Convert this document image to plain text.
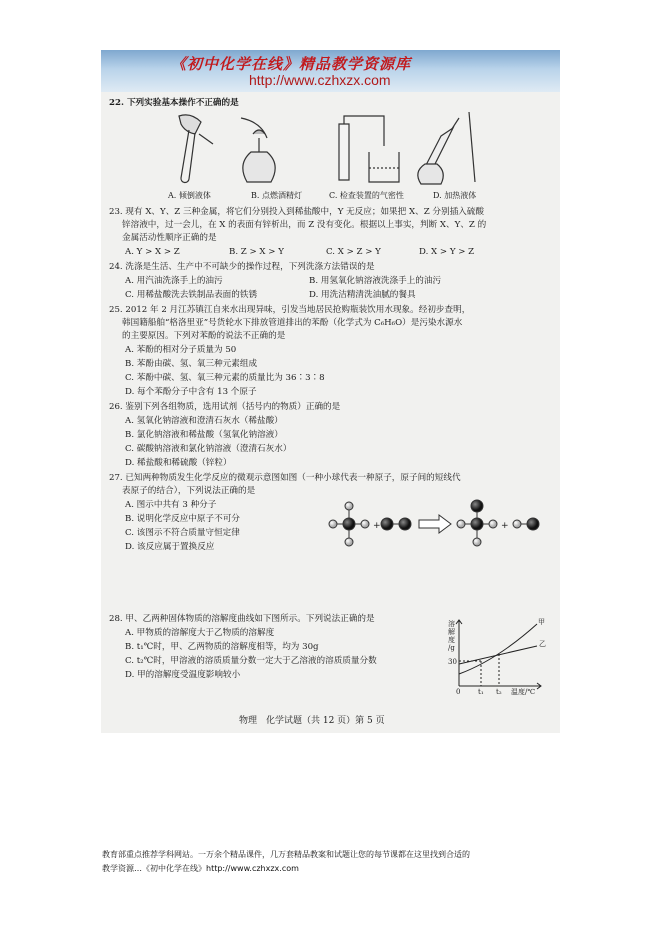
《初中化学在线》精品教学资源库
http://www.czhxzx.com
22. 下列实验基本操作不正确的是
A. 倾倒液体	B. 点燃酒精灯	C. 检查装置的气密性	D. 加热液体
23. 现有 X、Y、Z 三种金属，将它们分别投入到稀盐酸中，Y 无反应；如果把 X、Z 分别插入硫酸
锌溶液中，过一会儿，在 X 的表面有锌析出，而 Z 没有变化。根据以上事实，判断 X、Y、Z 的
金属活动性顺序正确的是
A. Y > X > Z	B. Z > X > Y	C. X > Z > Y	D. X > Y > Z
24. 洗涤是生活、生产中不可缺少的操作过程，下列洗涤方法错误的是
A. 用汽油洗涤手上的油污	B. 用氢氧化钠溶液洗涤手上的油污
C. 用稀盐酸洗去铁制品表面的铁锈	D. 用洗洁精清洗油腻的餐具
25. 2012 年 2 月江苏镇江自来水出现异味，引发当地居民抢购瓶装饮用水现象。经初步查明，
韩国籍船舶“格洛里亚”号货轮水下排放管道排出的苯酚（化学式为 C₆H₆O）是污染水源水
的主要原因。下列对苯酚的说法不正确的是
A. 苯酚的相对分子质量为 50
B. 苯酚由碳、氢、氧三种元素组成
C. 苯酚中碳、氢、氧三种元素的质量比为 36∶3∶8
D. 每个苯酚分子中含有 13 个原子
26. 鉴别下列各组物质，选用试剂（括号内的物质）正确的是
A. 氢氧化钠溶液和澄清石灰水（稀盐酸）
B. 氯化钠溶液和稀盐酸（氢氧化钠溶液）
C. 碳酸钠溶液和氯化钠溶液（澄清石灰水）
D. 稀盐酸和稀硫酸（锌粒）
27. 已知两种物质发生化学反应的微观示意图如图（一种小球代表一种原子，原子间的短线代
表原子的结合），下列说法正确的是
A. 图示中共有 3 种分子
B. 说明化学反应中原子不可分
C. 该图示不符合质量守恒定律
D. 该反应属于置换反应
+	+
28. 甲、乙两种固体物质的溶解度曲线如下图所示。下列说法正确的是
A. 甲物质的溶解度大于乙物质的溶解度
B. t₁℃时，甲、乙两物质的溶解度相等，均为 30g
C. t₂℃时，甲溶液的溶质质量分数一定大于乙溶液的溶质质量分数
D. 甲的溶解度受温度影响较小
溶
解
度
/g
30
0	t₁ t₂ 温度/℃
甲
乙
物理　化学试题（共 12 页）第 5 页
教育部重点推荐学科网站。一万余个精品课件，几万套精品教案和试题让您的每节课都在这里找到合适的
教学资源…《初中化学在线》http://www.czhxzx.com
